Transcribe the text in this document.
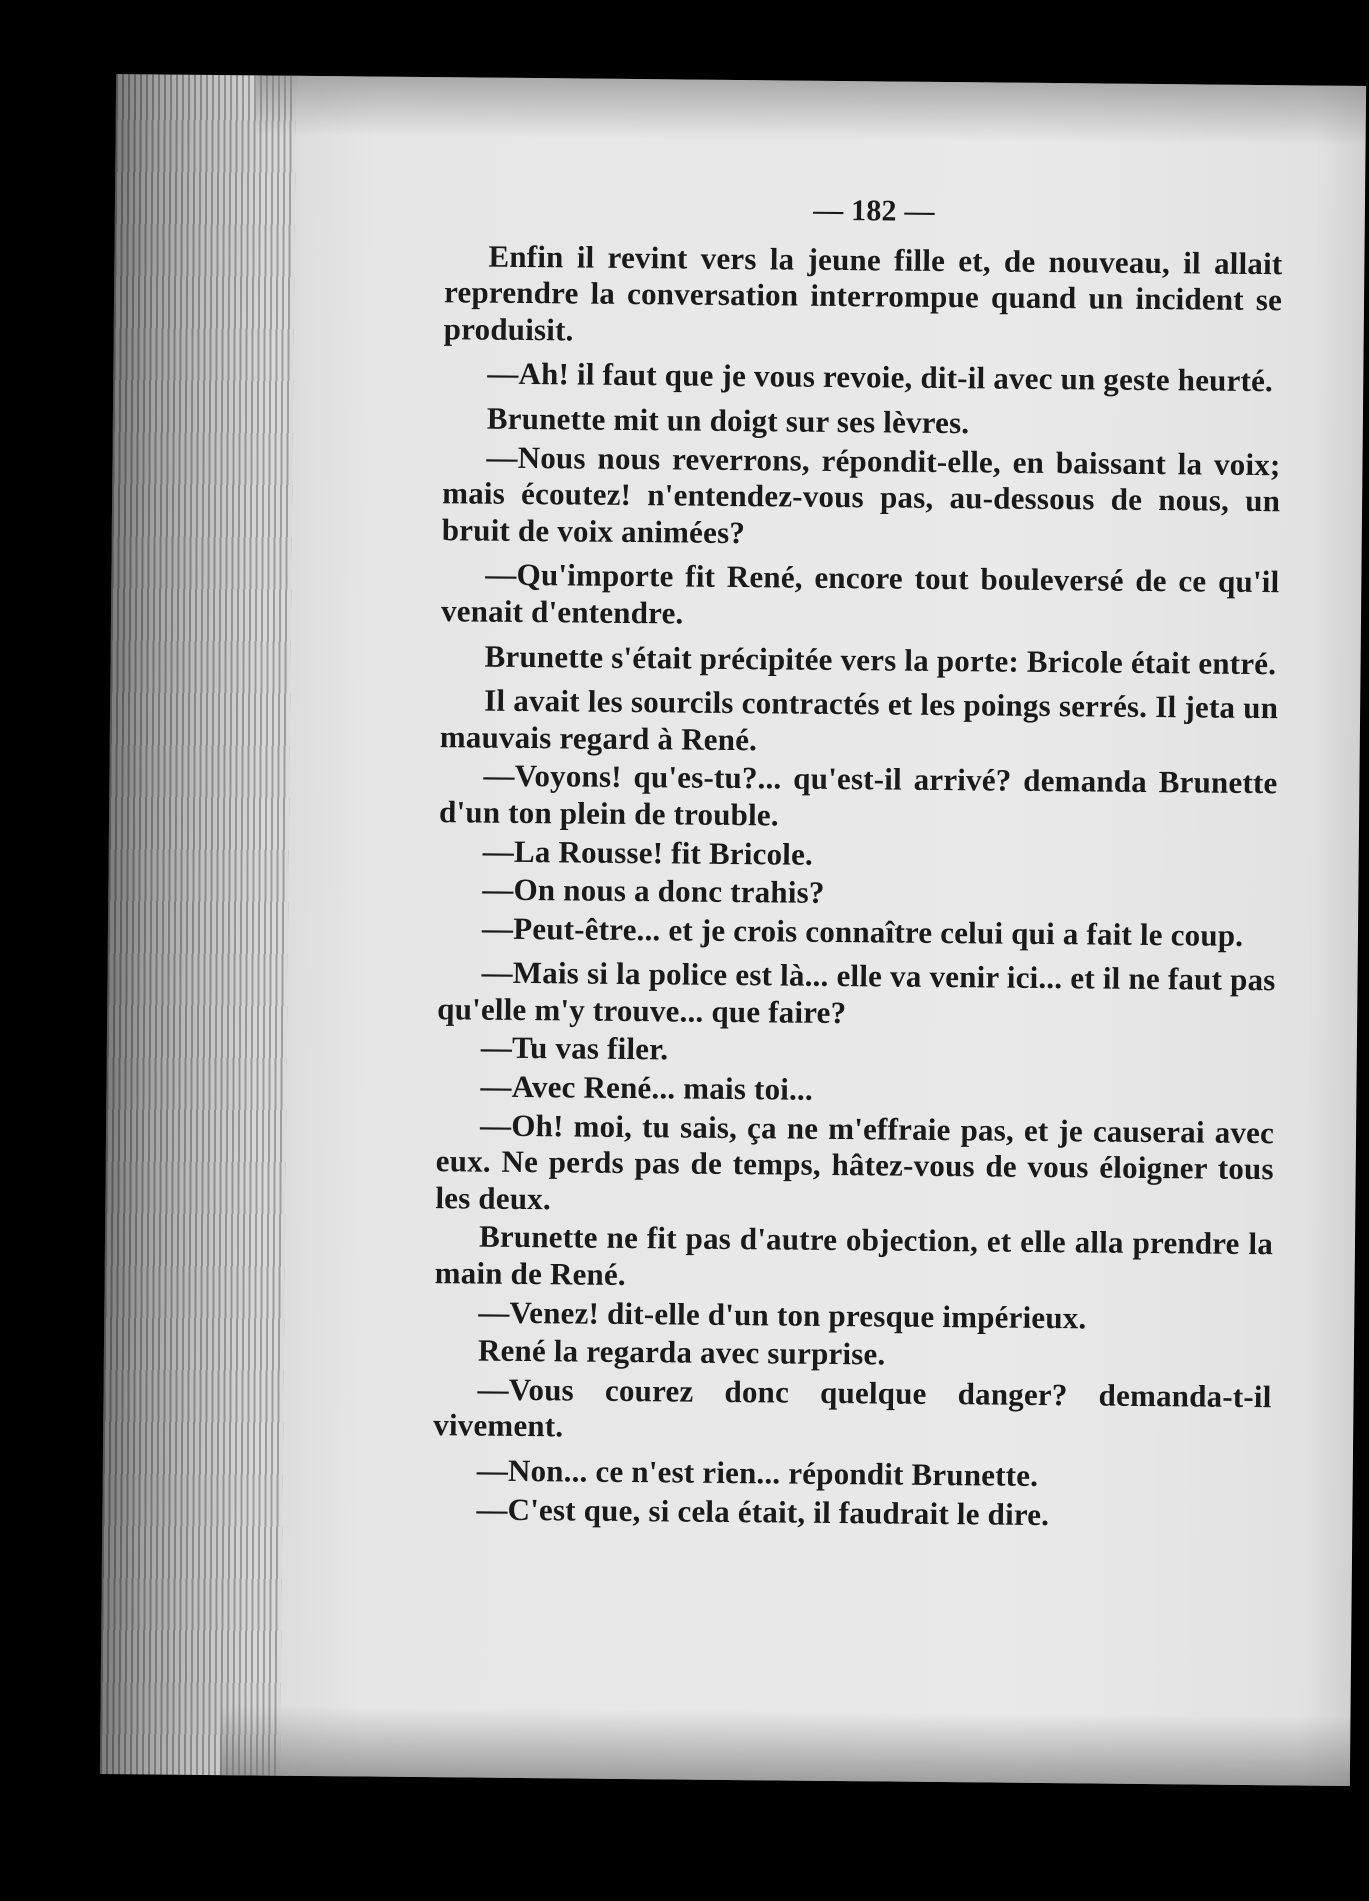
— 182 —

Enfin il revint vers la jeune fille et, de nouveau, il allait reprendre la conversation interrompue quand un incident se produisit.

—Ah! il faut que je vous revoie, dit-il avec un geste heurté.

Brunette mit un doigt sur ses lèvres.

—Nous nous reverrons, répondit-elle, en baissant la voix; mais écoutez! n'entendez-vous pas, au-dessous de nous, un bruit de voix animées?

—Qu'importe fit René, encore tout bouleversé de ce qu'il venait d'entendre.

Brunette s'était précipitée vers la porte: Bricole était entré.

Il avait les sourcils contractés et les poings serrés. Il jeta un mauvais regard à René.

—Voyons! qu'es-tu?... qu'est-il arrivé? demanda Brunette d'un ton plein de trouble.

—La Rousse! fit Bricole.

—On nous a donc trahis?

—Peut-être... et je crois connaître celui qui a fait le coup.

—Mais si la police est là... elle va venir ici... et il ne faut pas qu'elle m'y trouve... que faire?

—Tu vas filer.

—Avec René... mais toi...

—Oh! moi, tu sais, ça ne m'effraie pas, et je causerai avec eux. Ne perds pas de temps, hâtez-vous de vous éloigner tous les deux.

Brunette ne fit pas d'autre objection, et elle alla prendre la main de René.

—Venez! dit-elle d'un ton presque impérieux.

René la regarda avec surprise.

—Vous courez donc quelque danger? demanda-t-il vivement.

—Non... ce n'est rien... répondit Brunette.

—C'est que, si cela était, il faudrait le dire.
